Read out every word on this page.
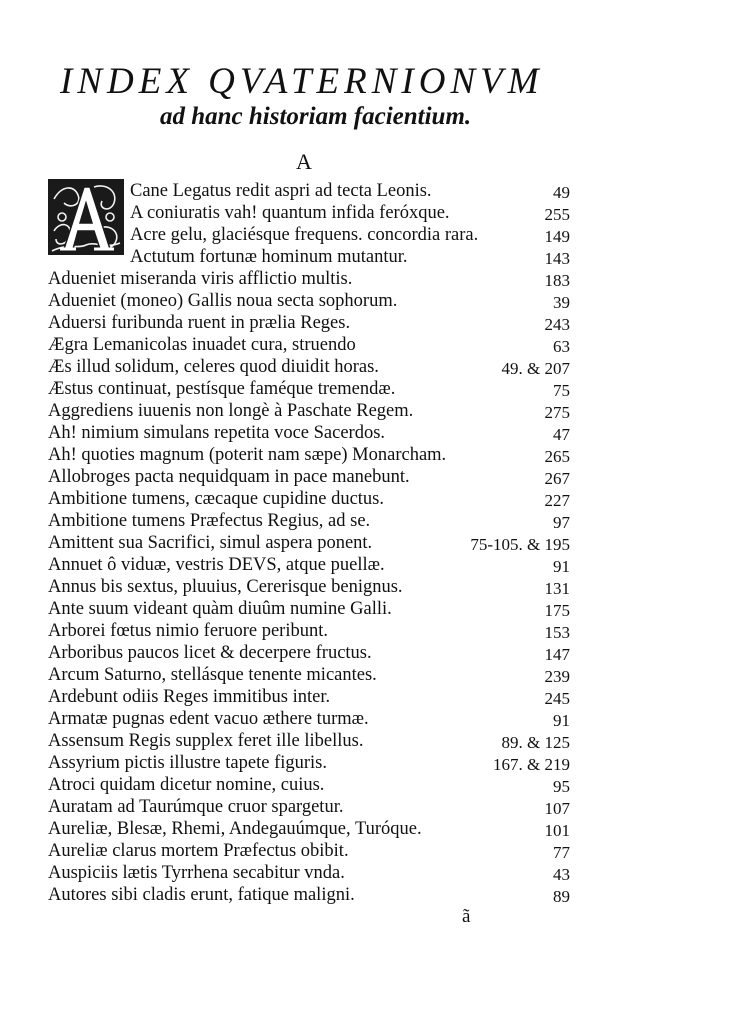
INDEX QVATERNIONVM
ad hanc historiam facientium.
A
Cane Legatus redit aspri ad tecta Leonis.	49
A coniuratis vah! quantum infida feróxque.	255
Acre gelu, glaciésque frequens. concordia rara.	149
Actutum fortunæ hominum mutantur.	143
Adueniet miseranda viris afflictio multis.	183
Adueniet (moneo) Gallis noua secta sophorum.	39
Aduersi furibunda ruent in prælia Reges.	243
Ægra Lemanicolas inuadet cura, struendo	63
Æs illud solidum, celeres quod diuidit horas.	49. & 207
Æstus continuat, pestísque faméque tremendæ.	75
Aggrediens iuuenis non longè à Paschate Regem.	275
Ah! nimium simulans repetita voce Sacerdos.	47
Ah! quoties magnum (poterit nam sæpe) Monarcham.	265
Allobroges pacta nequidquam in pace manebunt.	267
Ambitione tumens, cæcaque cupidine ductus.	227
Ambitione tumens Præfectus Regius, ad se.	97
Amittent sua Sacrifici, simul aspera ponent.	75-105. & 195
Annuet ô viduæ, vestris DEVS, atque puellæ.	91
Annus bis sextus, pluuius, Cererisque benignus.	131
Ante suum videant quàm diuûm numine Galli.	175
Arborei fœtus nimio feruore peribunt.	153
Arboribus paucos licet & decerpere fructus.	147
Arcum Saturno, stellásque tenente micantes.	239
Ardebunt odiis Reges immitibus inter.	245
Armatæ pugnas edent vacuo æthere turmæ.	91
Assensum Regis supplex feret ille libellus.	89. & 125
Assyrium pictis illustre tapete figuris.	167. & 219
Atroci quidam dicetur nomine, cuius.	95
Auratam ad Taurúmque cruor spargetur.	107
Aureliæ, Blesæ, Rhemi, Andegauúmque, Turóque.	101
Aureliæ clarus mortem Præfectus obibit.	77
Auspiciis lætis Tyrrhena secabitur vnda.	43
Autores sibi cladis erunt, fatique maligni.	89
ã
